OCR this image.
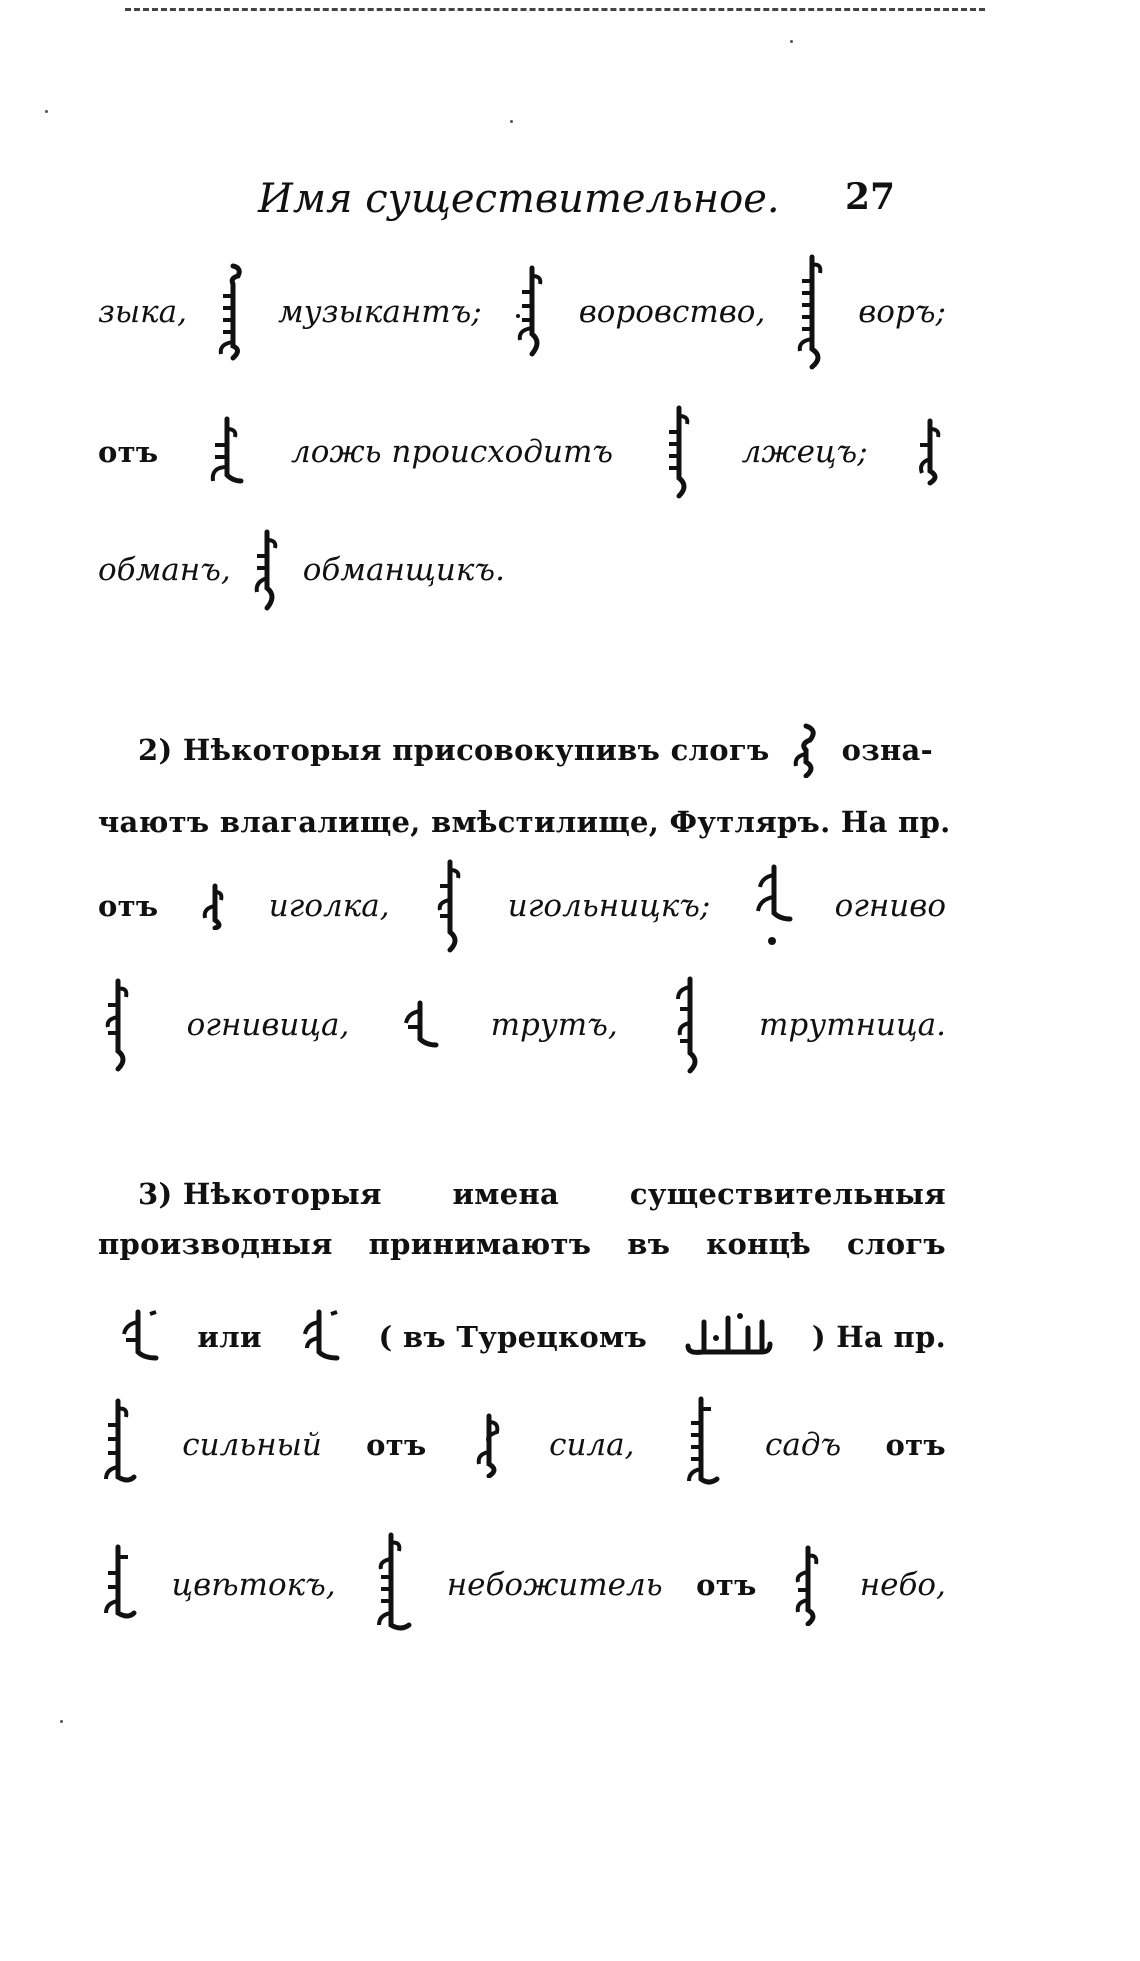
Имя существительное. 27
зыка,	музыкантъ;	воровство,	воръ;
отъ	ложь происходитъ	лжецъ;
обманъ, обманщикъ.
2) Нѣкоторыя присовокупивъ слогъ озна-
чаютъ влагалище, вмѣстилище, Футляръ. На пр.
отъ	иголка,	игольницкъ;	огниво
огнивица,	трутъ,	трутница.
3) Нѣкоторыя имена существительныя
производныя принимаютъ въ концѣ слогъ
или	( въ Турецкомъ	) На пр.
сильный отъ	сила,	садъ отъ
цвѣтокъ,	небожитель отъ	небо,
